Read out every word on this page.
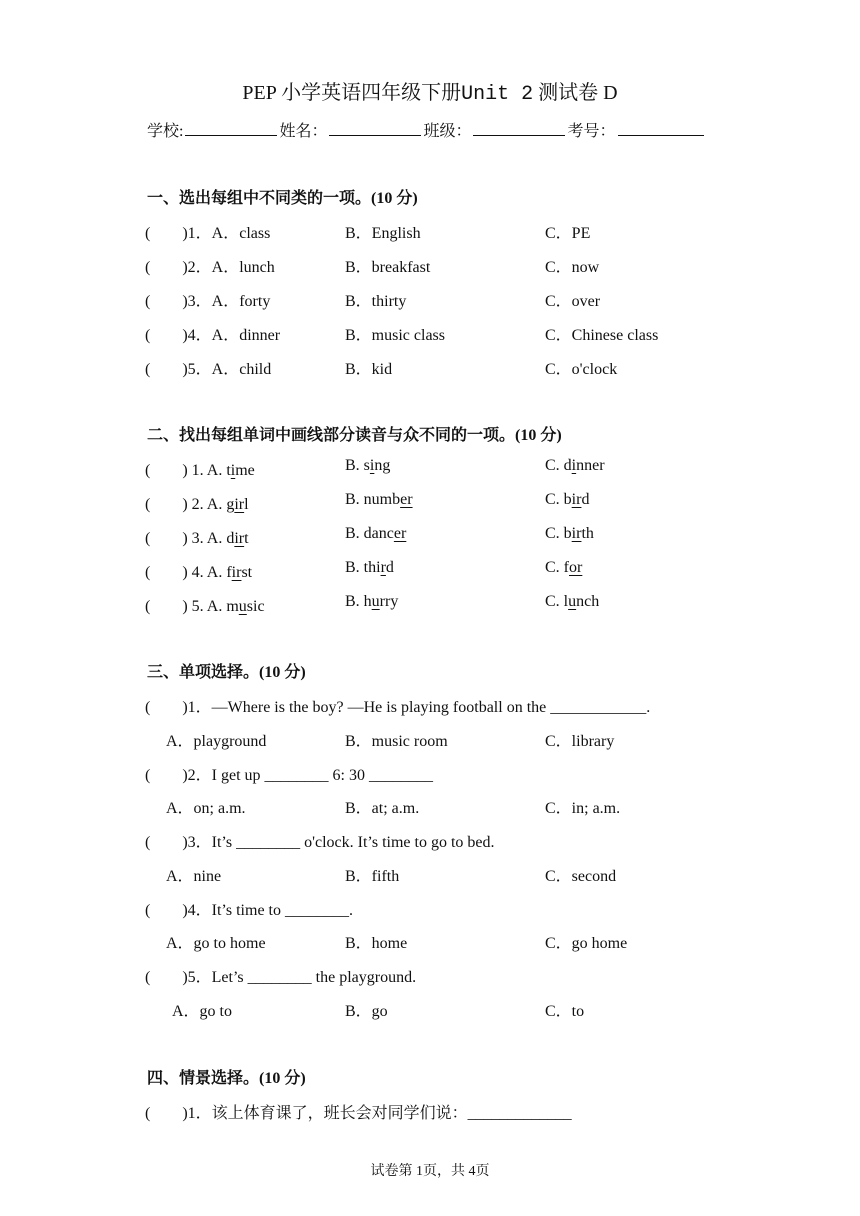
PEP 小学英语四年级下册Unit 2 测试卷 D
学校:	姓名：	班级：	考号：
一、选出每组中不同类的一项。(10 分)
(　　)1．A．class	B．English	C．PE
(　　)2．A．lunch	B．breakfast	C．now
(　　)3．A．forty	B．thirty	C．over
(　　)4．A．dinner	B．music class	C．Chinese class
(　　)5．A．child	B．kid	C．o'clock
二、找出每组单词中画线部分读音与众不同的一项。(10 分)
(　　) 1. A. time	B. sing	C. dinner
(　　) 2. A. girl	B. number	C. bird
(　　) 3. A. dirt	B. dancer	C. birth
(　　) 4. A. first	B. third	C. for
(　　) 5. A. music	B. hurry	C. lunch
三、单项选择。(10 分)
(　　)1．—Where is the boy? —He is playing football on the ____________.
A．playground	B．music room	C．library
(　　)2．I get up ________ 6: 30 ________
A．on; a.m.	B．at; a.m.	C．in; a.m.
(　　)3．It’s ________ o'clock. It’s time to go to bed.
A．nine	B．fifth	C．second
(　　)4．It’s time to ________.
A．go to home	B．home	C．go home
(　　)5．Let’s ________ the playground.
A．go to	B．go	C．to
四、情景选择。(10 分)
(　　)1．该上体育课了，班长会对同学们说：_____________
试卷第 1页，共 4页
